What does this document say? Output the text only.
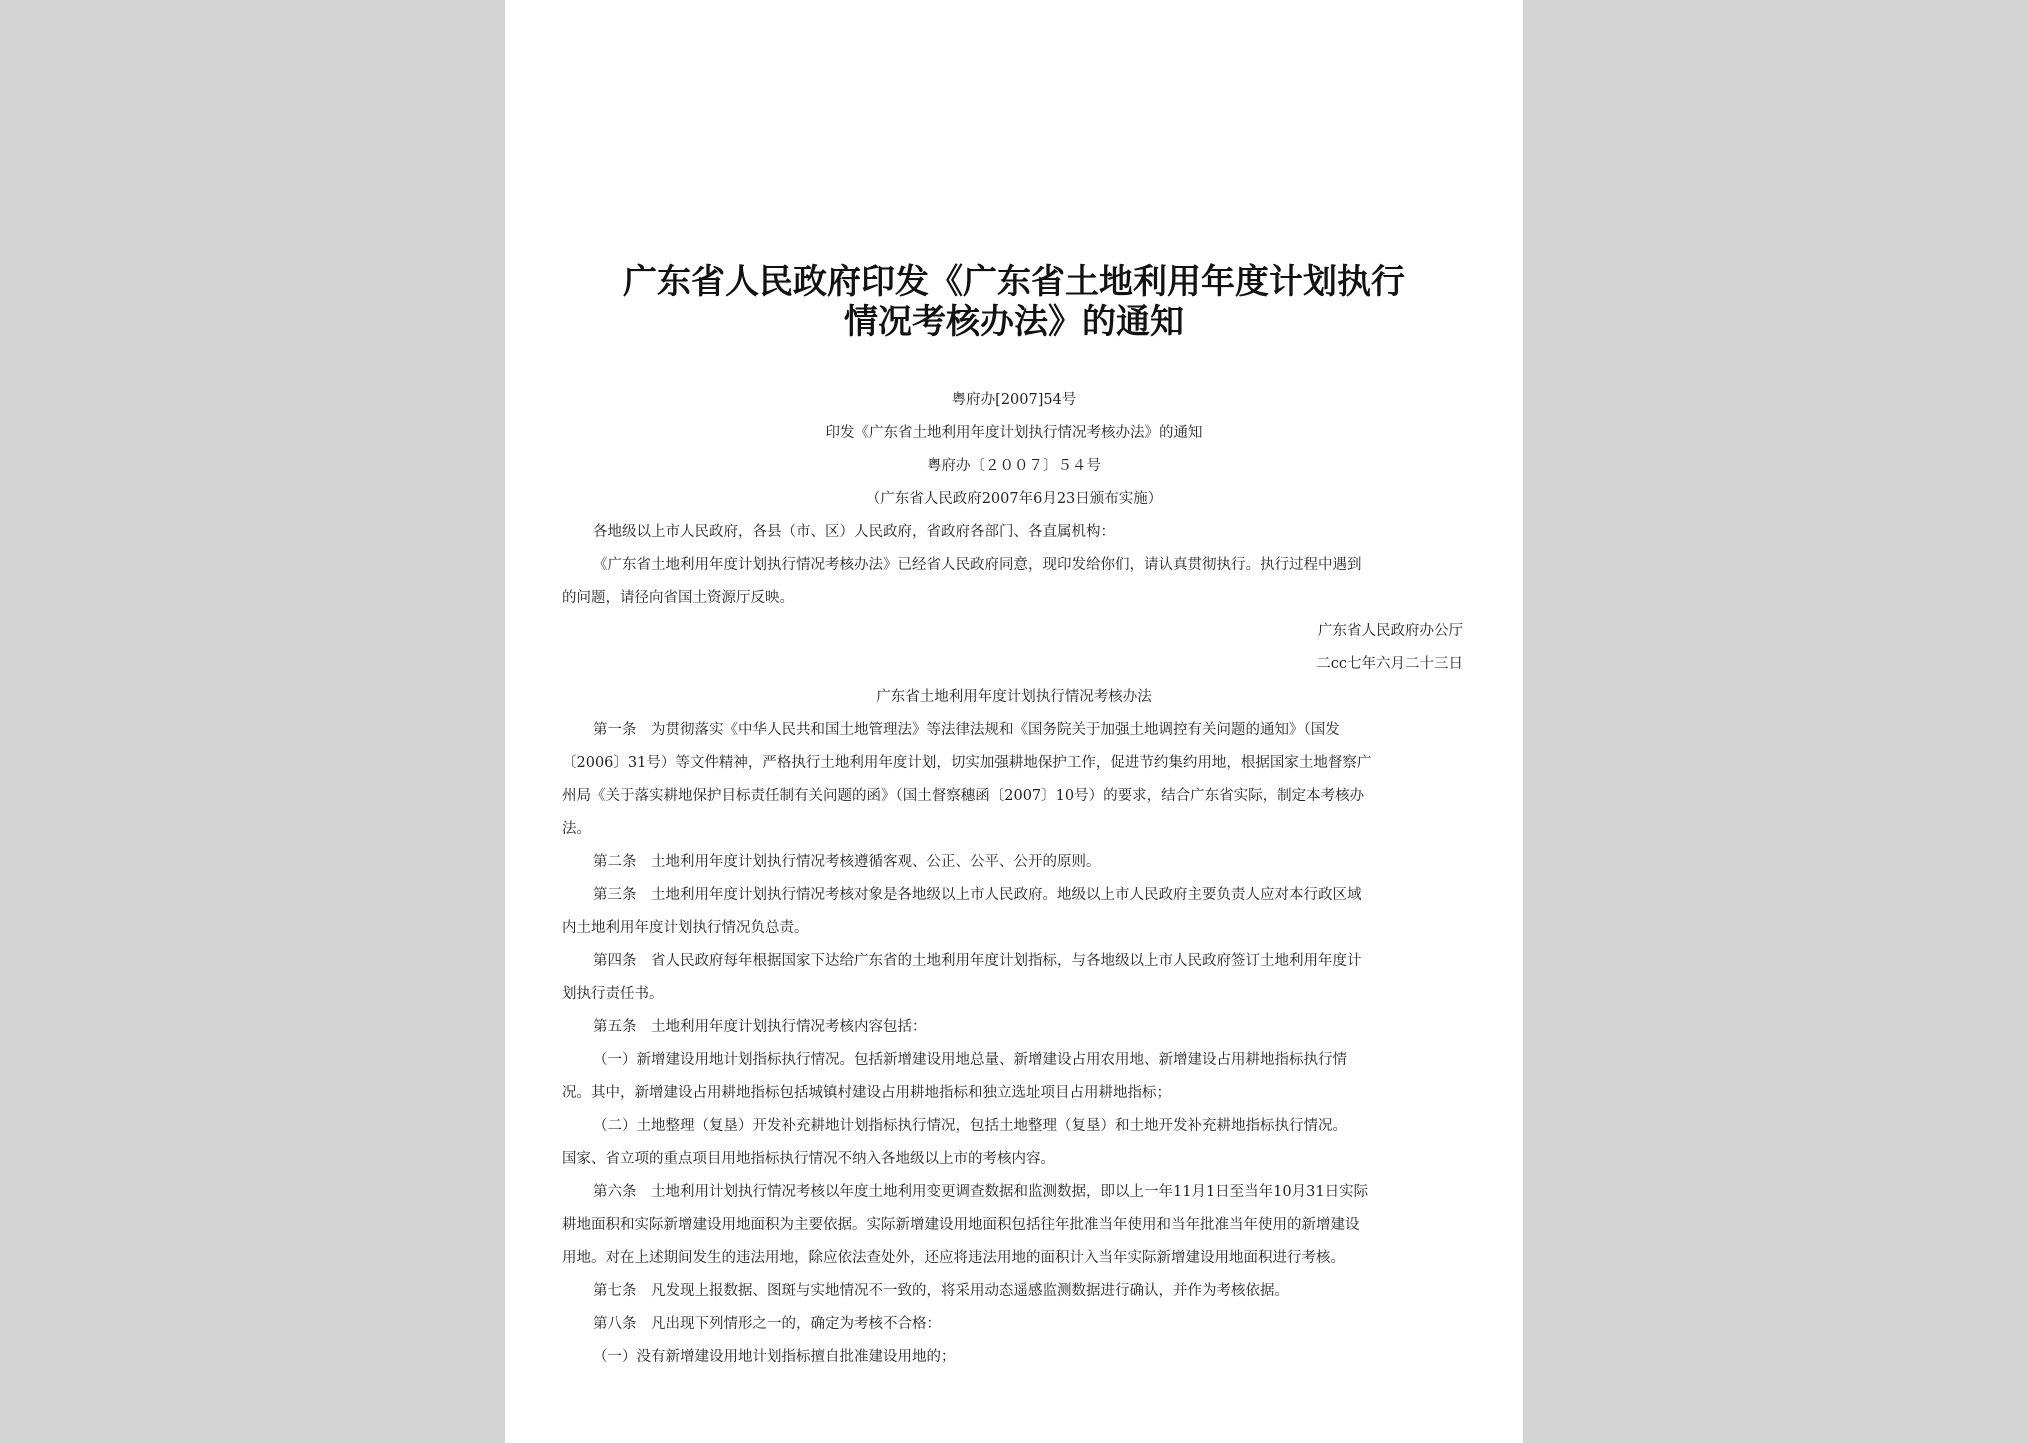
广东省人民政府印发《广东省土地利用年度计划执行
情况考核办法》的通知
粤府办[2007]54号
印发《广东省土地利用年度计划执行情况考核办法》的通知
粤府办〔２００７〕５４号
（广东省人民政府2007年6月23日颁布实施）
各地级以上市人民政府，各县（市、区）人民政府，省政府各部门、各直属机构：
《广东省土地利用年度计划执行情况考核办法》已经省人民政府同意，现印发给你们，请认真贯彻执行。执行过程中遇到
的问题，请径向省国土资源厅反映。
广东省人民政府办公厅
二cc七年六月二十三日
广东省土地利用年度计划执行情况考核办法
第一条　为贯彻落实《中华人民共和国土地管理法》等法律法规和《国务院关于加强土地调控有关问题的通知》（国发
〔2006〕31号）等文件精神，严格执行土地利用年度计划，切实加强耕地保护工作，促进节约集约用地，根据国家土地督察广
州局《关于落实耕地保护目标责任制有关问题的函》（国土督察穗函〔2007〕10号）的要求，结合广东省实际，制定本考核办
法。
第二条　土地利用年度计划执行情况考核遵循客观、公正、公平、公开的原则。
第三条　土地利用年度计划执行情况考核对象是各地级以上市人民政府。地级以上市人民政府主要负责人应对本行政区域
内土地利用年度计划执行情况负总责。
第四条　省人民政府每年根据国家下达给广东省的土地利用年度计划指标，与各地级以上市人民政府签订土地利用年度计
划执行责任书。
第五条　土地利用年度计划执行情况考核内容包括：
（一）新增建设用地计划指标执行情况。包括新增建设用地总量、新增建设占用农用地、新增建设占用耕地指标执行情
况。其中，新增建设占用耕地指标包括城镇村建设占用耕地指标和独立选址项目占用耕地指标；
（二）土地整理（复垦）开发补充耕地计划指标执行情况，包括土地整理（复垦）和土地开发补充耕地指标执行情况。
国家、省立项的重点项目用地指标执行情况不纳入各地级以上市的考核内容。
第六条　土地利用计划执行情况考核以年度土地利用变更调查数据和监测数据，即以上一年11月1日至当年10月31日实际
耕地面积和实际新增建设用地面积为主要依据。实际新增建设用地面积包括往年批准当年使用和当年批准当年使用的新增建设
用地。对在上述期间发生的违法用地，除应依法查处外，还应将违法用地的面积计入当年实际新增建设用地面积进行考核。
第七条　凡发现上报数据、图斑与实地情况不一致的，将采用动态遥感监测数据进行确认，并作为考核依据。
第八条　凡出现下列情形之一的，确定为考核不合格：
（一）没有新增建设用地计划指标擅自批准建设用地的；
